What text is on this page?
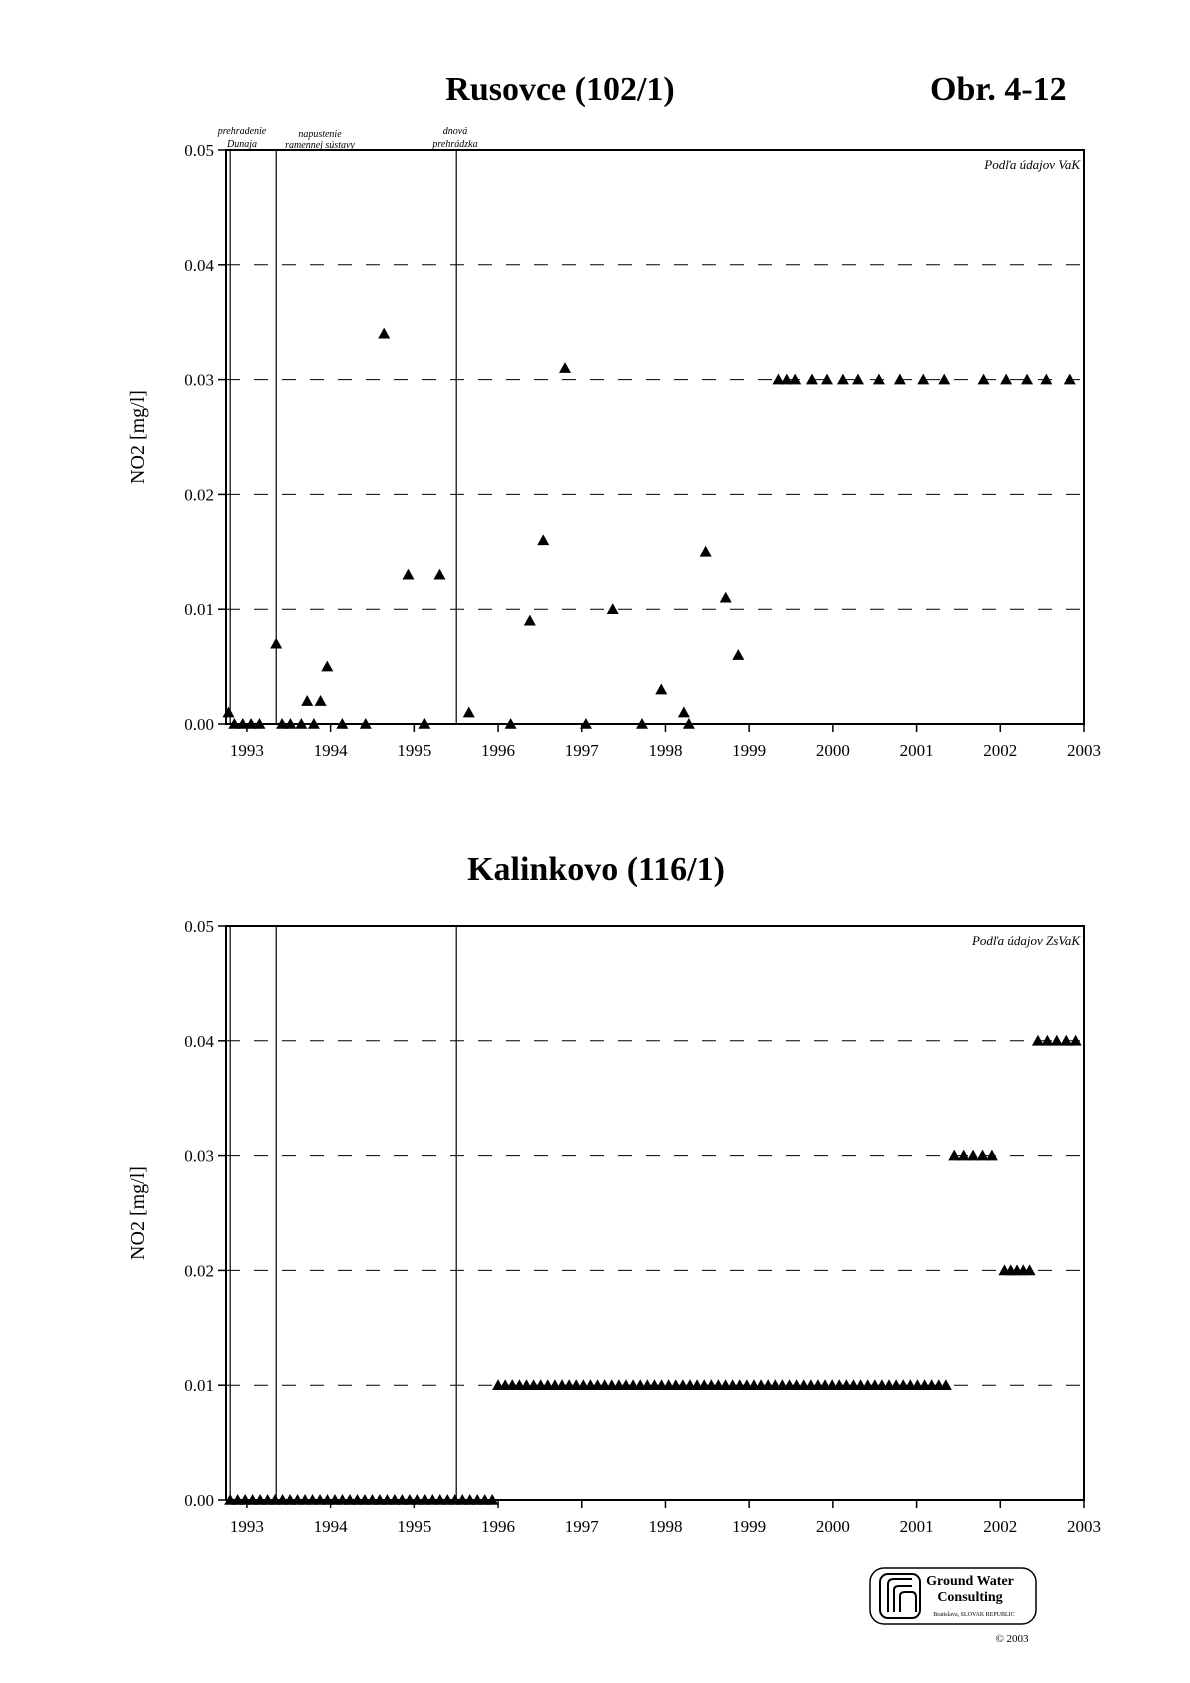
Obr. 4-12
Rusovce (102/1)
Podľa údajov VaK
NO2 [mg/l]
0.00
0.01
0.02
0.03
0.04
0.05
1993	1994	1995	1996	1997	1998	1999	2000	2001	2002	2003
prehradenie
Dunaja
napustenie
ramennej sústavy
dnová
prehrádzka
Kalinkovo (116/1)
Podľa údajov ZsVaK
NO2 [mg/l]
0.00
0.01
0.02
0.03
0.04
0.05
1993	1994	1995	1996	1997	1998	1999	2000	2001	2002	2003
Ground Water
Consulting
Bratislava, SLOVAK REPUBLIC
© 2003
